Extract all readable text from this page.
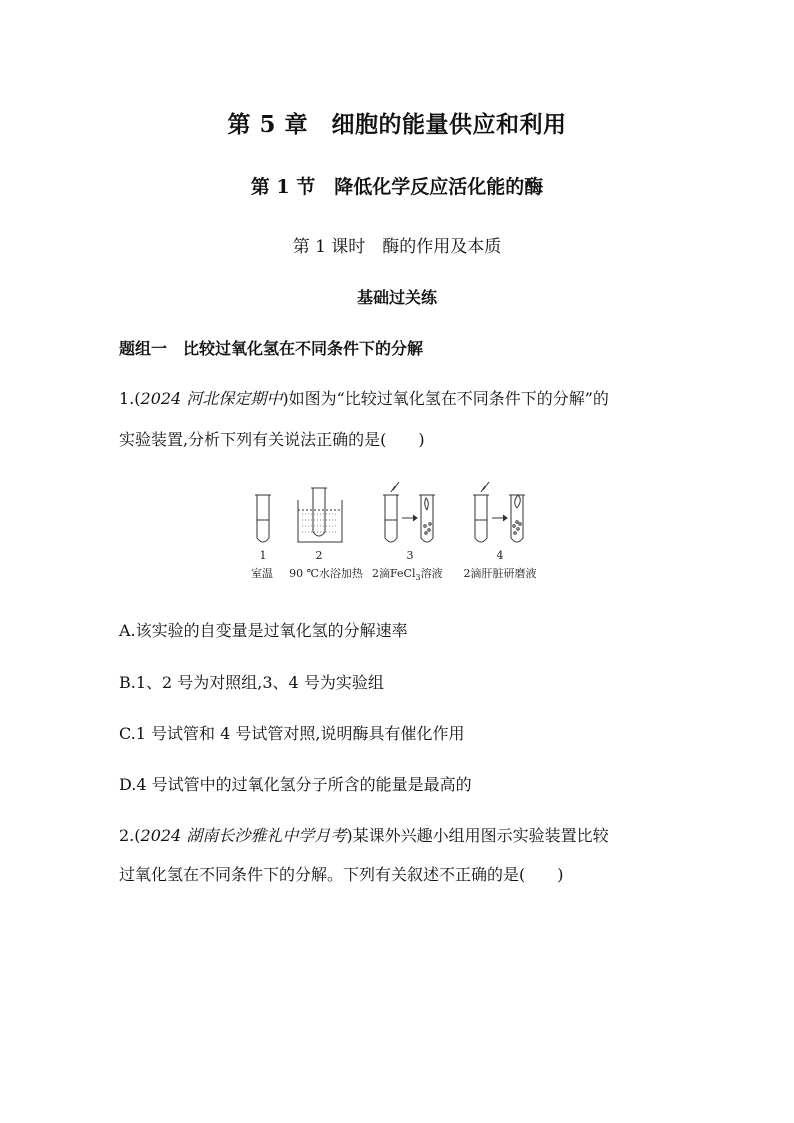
第 5 章　细胞的能量供应和利用
第 1 节　降低化学反应活化能的酶
第 1 课时　酶的作用及本质
基础过关练
题组一　比较过氧化氢在不同条件下的分解
1.(2024 河北保定期中)如图为“比较过氧化氢在不同条件下的分解”的
实验装置,分析下列有关说法正确的是(　　)
1	2	3	4
室温 90 ℃水浴加热 2滴FeCl$_3$溶液 2滴肝脏研磨液
A.该实验的自变量是过氧化氢的分解速率
B.1、2 号为对照组,3、4 号为实验组
C.1 号试管和 4 号试管对照,说明酶具有催化作用
D.4 号试管中的过氧化氢分子所含的能量是最高的
2.(2024 湖南长沙雅礼中学月考)某课外兴趣小组用图示实验装置比较
过氧化氢在不同条件下的分解。下列有关叙述不正确的是(　　)
